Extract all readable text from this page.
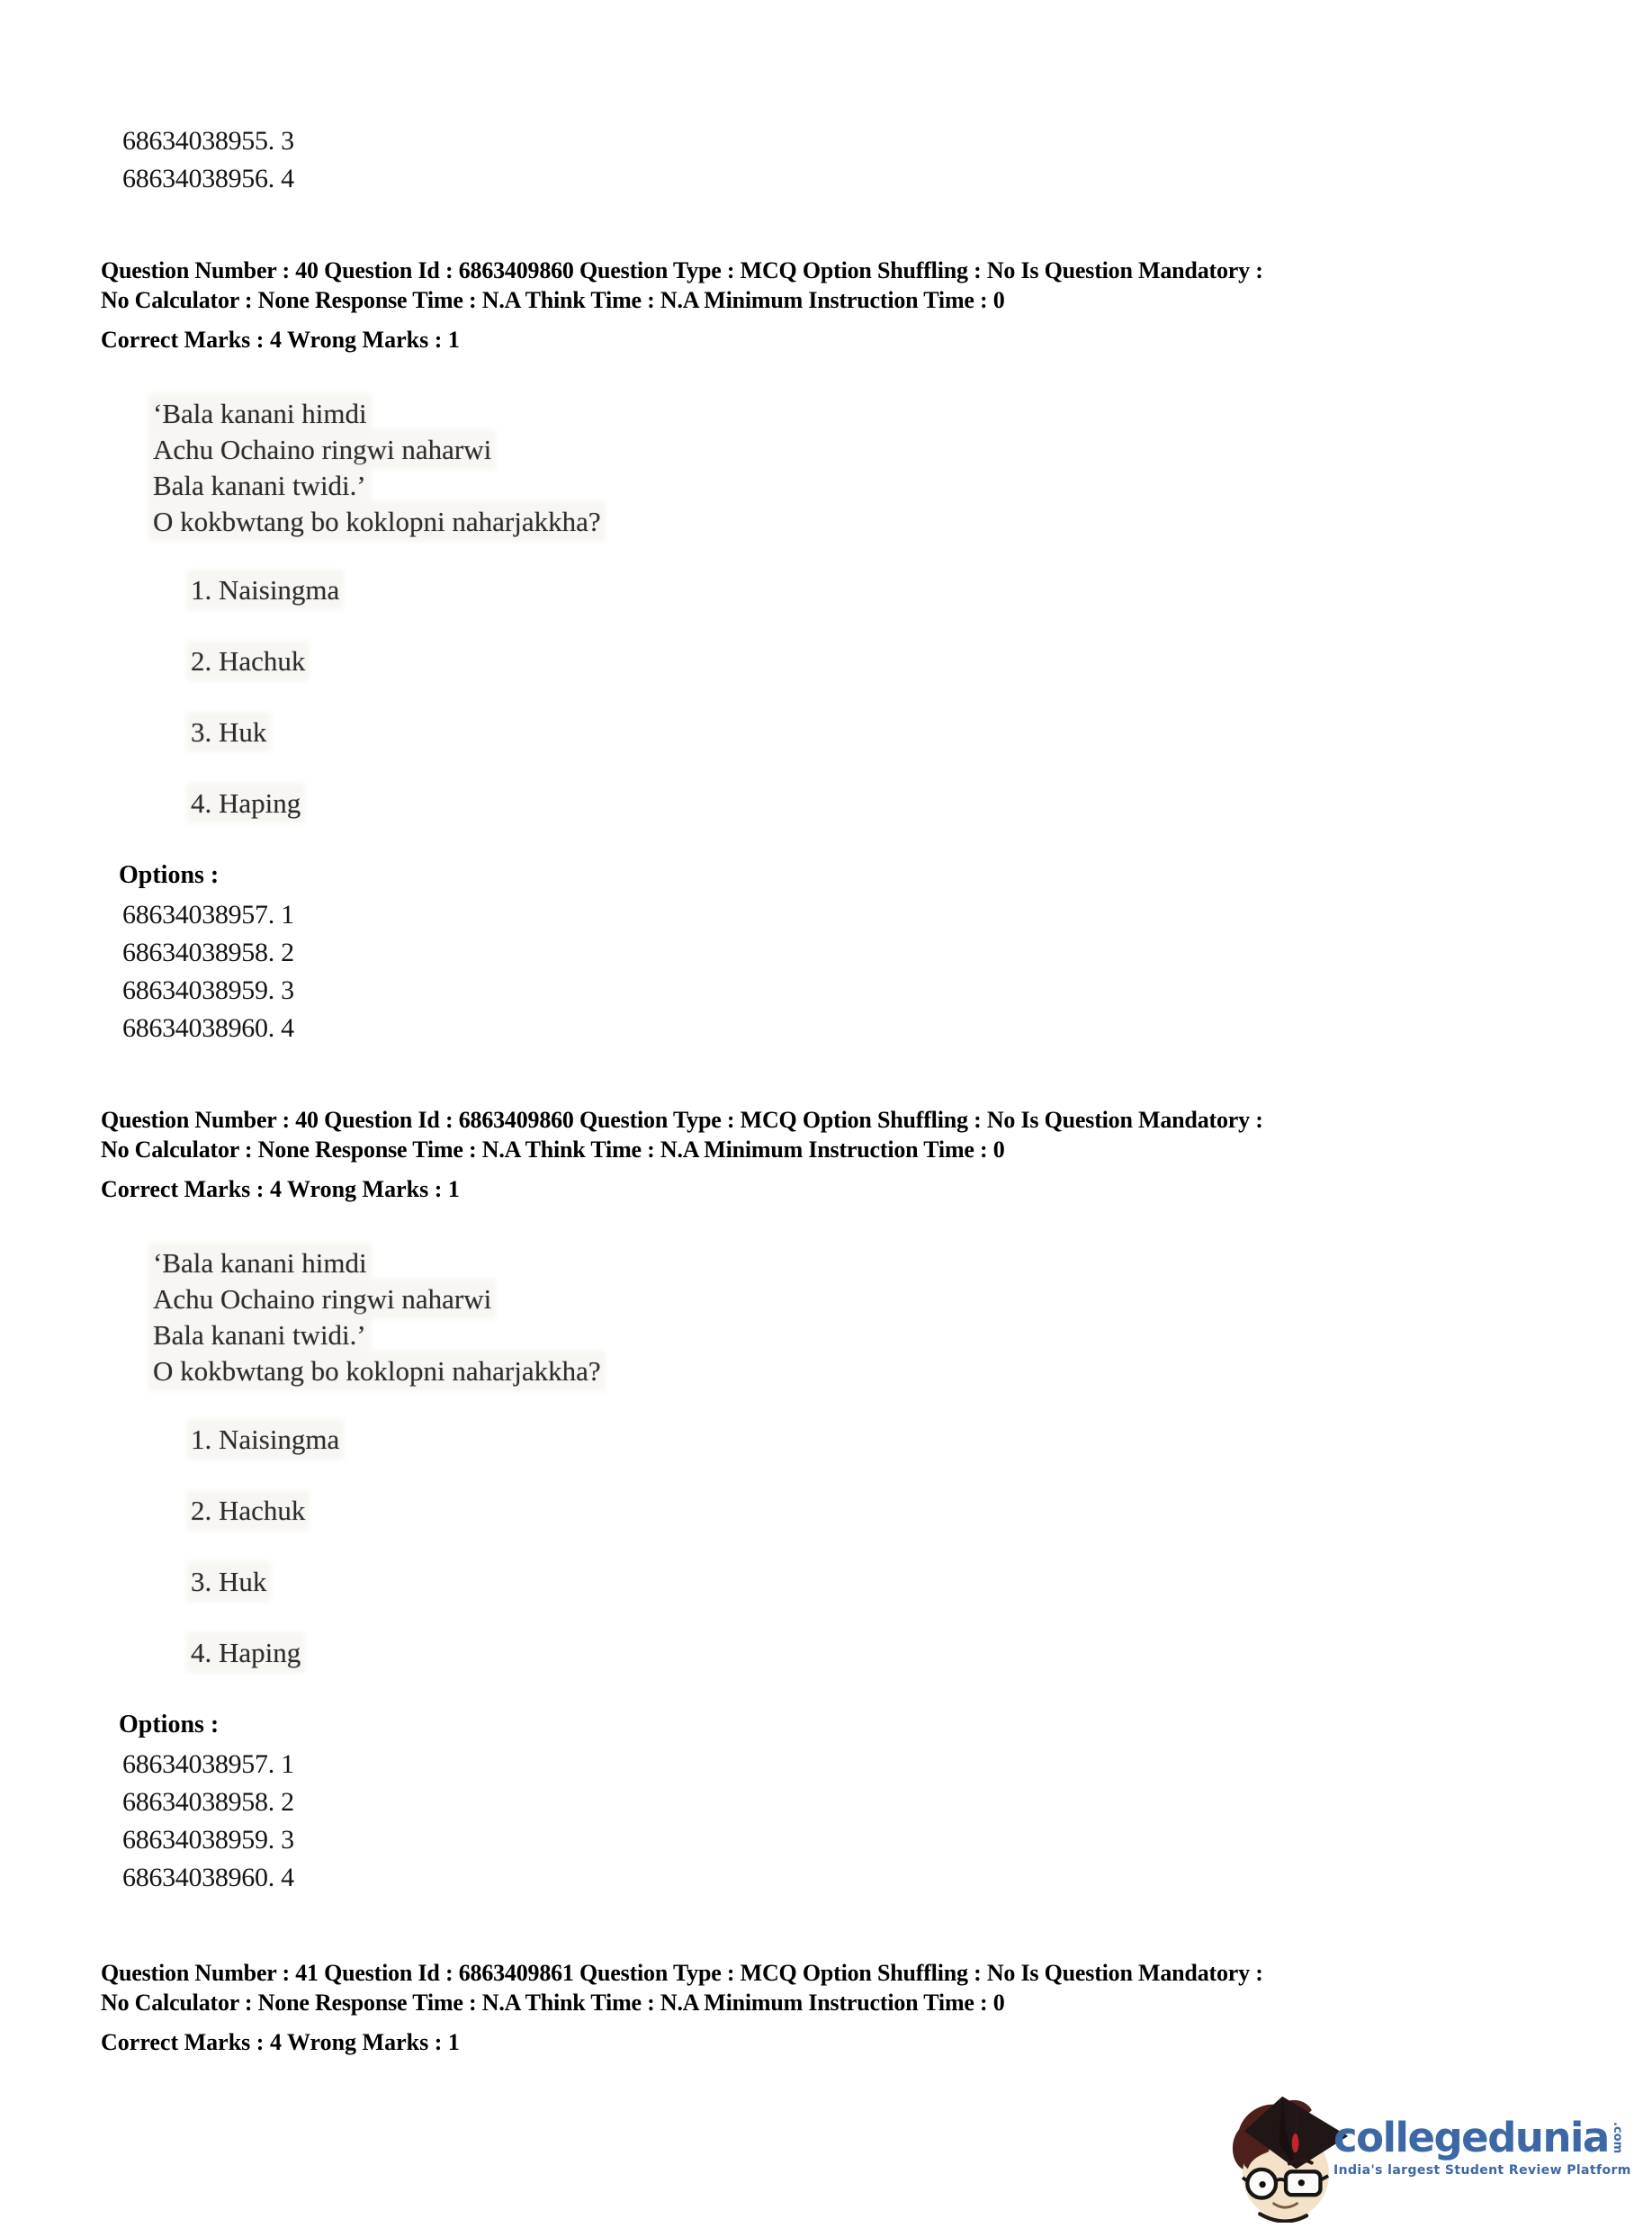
68634038955. 3
68634038956. 4
Question Number : 40 Question Id : 6863409860 Question Type : MCQ Option Shuffling : No Is Question Mandatory :
No Calculator : None Response Time : N.A Think Time : N.A Minimum Instruction Time : 0
Correct Marks : 4 Wrong Marks : 1
‘Bala kanani himdi
Achu Ochaino ringwi naharwi
Bala kanani twidi.’
O kokbwtang bo koklopni naharjakkha?
1. Naisingma
2. Hachuk
3. Huk
4. Haping
Options :
68634038957. 1
68634038958. 2
68634038959. 3
68634038960. 4
Question Number : 40 Question Id : 6863409860 Question Type : MCQ Option Shuffling : No Is Question Mandatory :
No Calculator : None Response Time : N.A Think Time : N.A Minimum Instruction Time : 0
Correct Marks : 4 Wrong Marks : 1
‘Bala kanani himdi
Achu Ochaino ringwi naharwi
Bala kanani twidi.’
O kokbwtang bo koklopni naharjakkha?
1. Naisingma
2. Hachuk
3. Huk
4. Haping
Options :
68634038957. 1
68634038958. 2
68634038959. 3
68634038960. 4
Question Number : 41 Question Id : 6863409861 Question Type : MCQ Option Shuffling : No Is Question Mandatory :
No Calculator : None Response Time : N.A Think Time : N.A Minimum Instruction Time : 0
Correct Marks : 4 Wrong Marks : 1
collegedunia .com
India's largest Student Review Platform
